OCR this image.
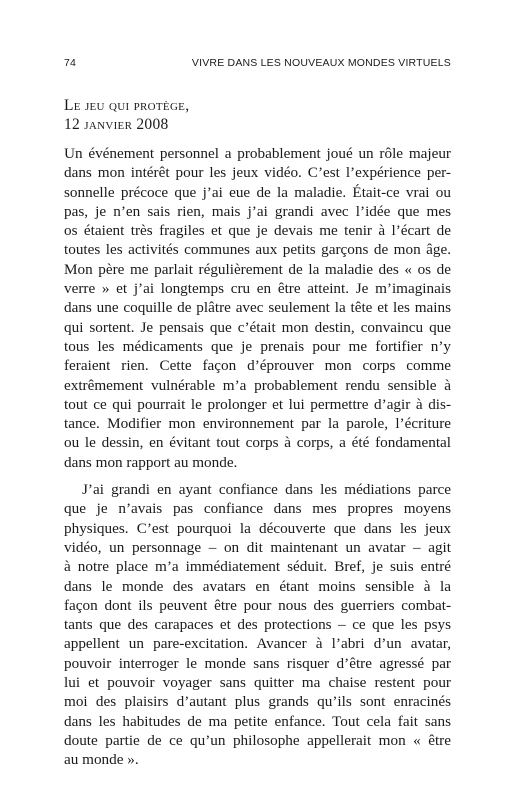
74	VIVRE DANS LES NOUVEAUX MONDES VIRTUELS
Le jeu qui protège,
12 janvier 2008
Un événement personnel a probablement joué un rôle majeur
dans mon intérêt pour les jeux vidéo. C’est l’expérience per-
sonnelle précoce que j’ai eue de la maladie. Était-ce vrai ou
pas, je n’en sais rien, mais j’ai grandi avec l’idée que mes
os étaient très fragiles et que je devais me tenir à l’écart de
toutes les activités communes aux petits garçons de mon âge.
Mon père me parlait régulièrement de la maladie des « os de
verre » et j’ai longtemps cru en être atteint. Je m’imaginais
dans une coquille de plâtre avec seulement la tête et les mains
qui sortent. Je pensais que c’était mon destin, convaincu que
tous les médicaments que je prenais pour me fortifier n’y
feraient rien. Cette façon d’éprouver mon corps comme
extrêmement vulnérable m’a probablement rendu sensible à
tout ce qui pourrait le prolonger et lui permettre d’agir à dis-
tance. Modifier mon environnement par la parole, l’écriture
ou le dessin, en évitant tout corps à corps, a été fondamental
dans mon rapport au monde.
J’ai grandi en ayant confiance dans les médiations parce
que je n’avais pas confiance dans mes propres moyens
physiques. C’est pourquoi la découverte que dans les jeux
vidéo, un personnage – on dit maintenant un avatar – agit
à notre place m’a immédiatement séduit. Bref, je suis entré
dans le monde des avatars en étant moins sensible à la
façon dont ils peuvent être pour nous des guerriers combat-
tants que des carapaces et des protections – ce que les psys
appellent un pare-excitation. Avancer à l’abri d’un avatar,
pouvoir interroger le monde sans risquer d’être agressé par
lui et pouvoir voyager sans quitter ma chaise restent pour
moi des plaisirs d’autant plus grands qu’ils sont enracinés
dans les habitudes de ma petite enfance. Tout cela fait sans
doute partie de ce qu’un philosophe appellerait mon « être
au monde ».
